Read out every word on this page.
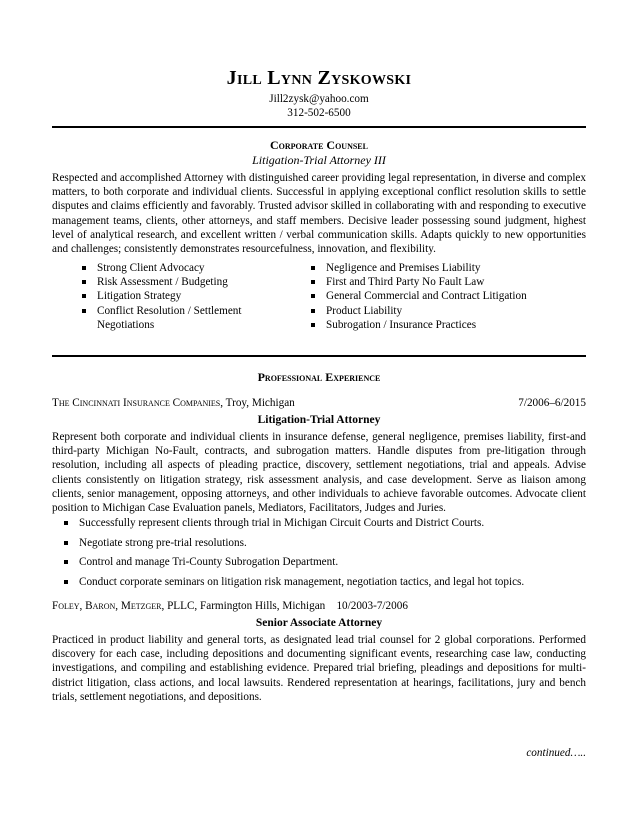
Jill Lynn Zyskowski
Jill2zysk@yahoo.com
312-502-6500
Corporate Counsel
Litigation-Trial Attorney III
Respected and accomplished Attorney with distinguished career providing legal representation, in diverse and complex matters, to both corporate and individual clients. Successful in applying exceptional conflict resolution skills to settle disputes and claims efficiently and favorably. Trusted advisor skilled in collaborating with and responding to executive management teams, clients, other attorneys, and staff members. Decisive leader possessing sound judgment, highest level of analytical research, and excellent written / verbal communication skills. Adapts quickly to new opportunities and challenges; consistently demonstrates resourcefulness, innovation, and flexibility.
Strong Client Advocacy
Risk Assessment / Budgeting
Litigation Strategy
Conflict Resolution / Settlement Negotiations
Negligence and Premises Liability
First and Third Party No Fault Law
General Commercial and Contract Litigation
Product Liability
Subrogation / Insurance Practices
Professional Experience
The Cincinnati Insurance Companies, Troy, Michigan	7/2006–6/2015
Litigation-Trial Attorney
Represent both corporate and individual clients in insurance defense, general negligence, premises liability, first-and third-party Michigan No-Fault, contracts, and subrogation matters. Handle disputes from pre-litigation through resolution, including all aspects of pleading practice, discovery, settlement negotiations, trial and appeals. Advise clients consistently on litigation strategy, risk assessment analysis, and case development. Serve as liaison among clients, senior management, opposing attorneys, and other individuals to achieve favorable outcomes. Advocate client position to Michigan Case Evaluation panels, Mediators, Facilitators, Judges and Juries.
Successfully represent clients through trial in Michigan Circuit Courts and District Courts.
Negotiate strong pre-trial resolutions.
Control and manage Tri-County Subrogation Department.
Conduct corporate seminars on litigation risk management, negotiation tactics, and legal hot topics.
Foley, Baron, Metzger, PLLC, Farmington Hills, Michigan 10/2003-7/2006
Senior Associate Attorney
Practiced in product liability and general torts, as designated lead trial counsel for 2 global corporations. Performed discovery for each case, including depositions and documenting significant events, researching case law, conducting investigations, and compiling and establishing evidence. Prepared trial briefing, pleadings and depositions for multi-district litigation, class actions, and local lawsuits. Rendered representation at hearings, facilitations, jury and bench trials, settlement negotiations, and depositions.
continued…..
